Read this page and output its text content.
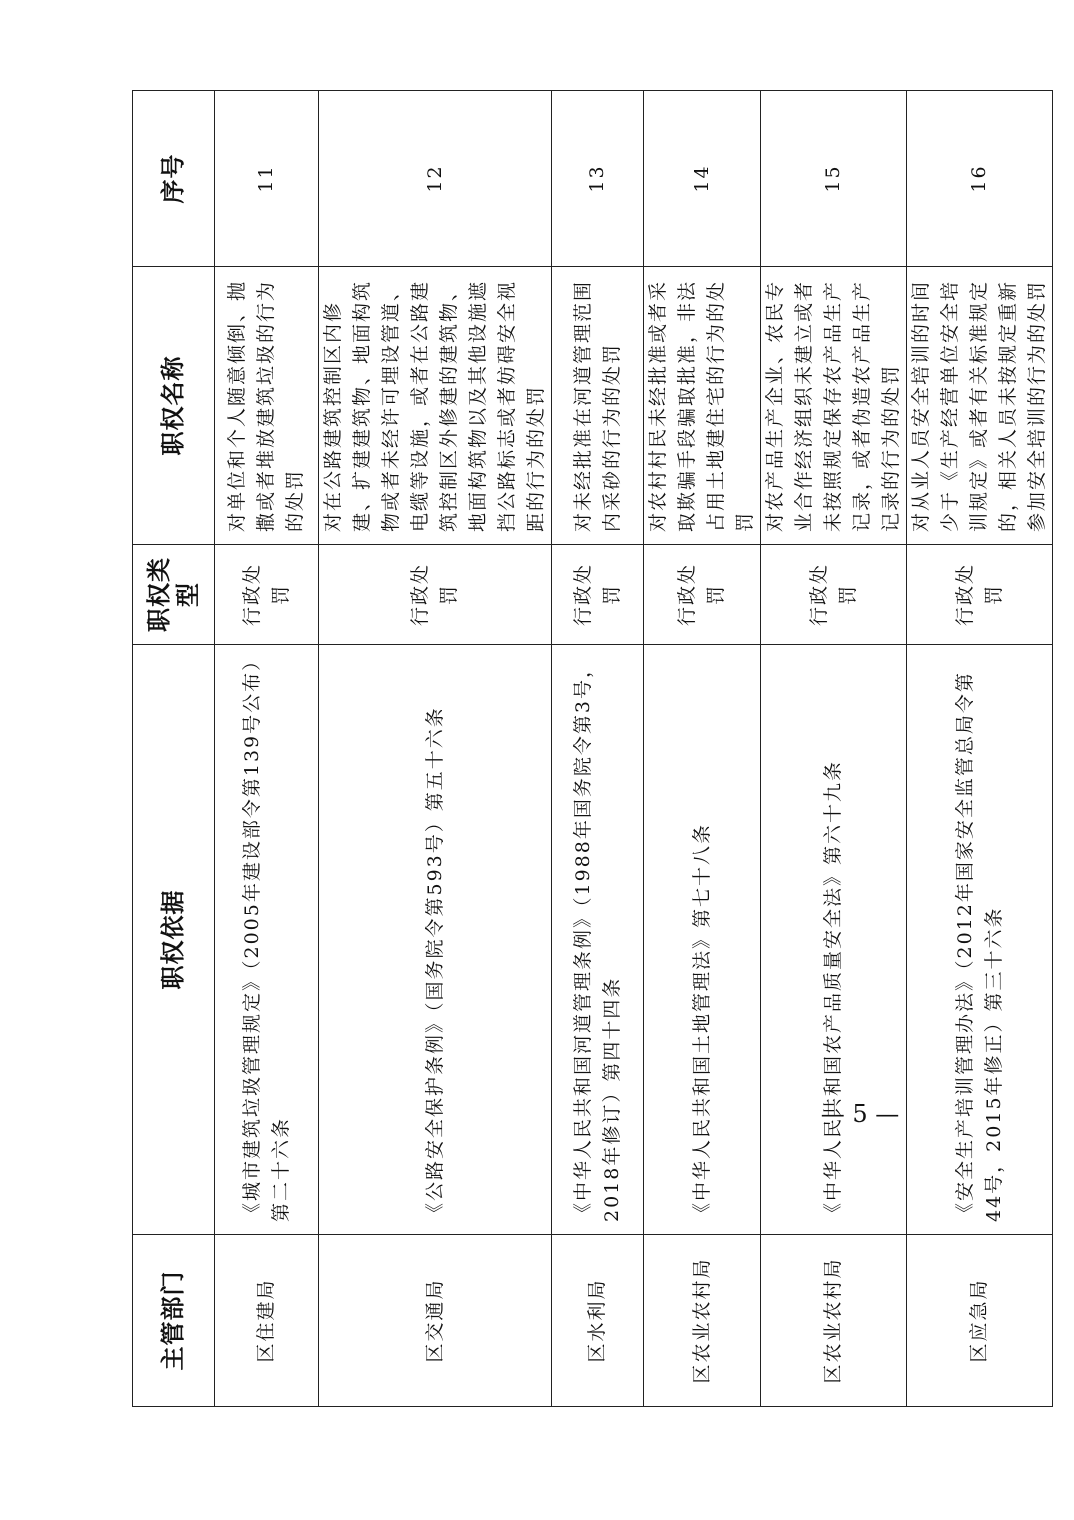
主管部门	职权依据	职权类型	职权名称	序号

区住建局	《城市建筑垃圾管理规定》（2005年建设部令第139号公布）第二十六条	行政处罚	对单位和个人随意倾倒、抛撒或者堆放建筑垃圾的行为的处罚	11

区交通局	《公路安全保护条例》（国务院令第593号）第五十六条	行政处罚	对在公路建筑控制区内修建、扩建建筑物、地面构筑物或者未经许可埋设管道、电缆等设施，或者在公路建筑控制区外修建的建筑物、地面构筑物以及其他设施遮挡公路标志或者妨碍安全视距的行为的处罚	12

区水利局	《中华人民共和国河道管理条例》（1988年国务院令第3号，2018年修订）第四十四条	行政处罚	对未经批准在河道管理范围内采砂的行为的处罚	13

区农业农村局	《中华人民共和国土地管理法》第七十八条	行政处罚	对农村村民未经批准或者采取欺骗手段骗取批准，非法占用土地建住宅的行为的处罚	14

区农业农村局	《中华人民共和国农产品质量安全法》第六十九条	行政处罚	对农产品生产企业、农民专业合作经济组织未建立或者未按照规定保存农产品生产记录，或者伪造农产品生产记录的行为的处罚	15

区应急局	《安全生产培训管理办法》（2012年国家安全监管总局令第44号，2015年修正）第三十六条	行政处罚	对从业人员安全培训的时间少于《生产经营单位安全培训规定》或者有关标准规定的，相关人员未按规定重新参加安全培训的行为的处罚	16
— 5 —
